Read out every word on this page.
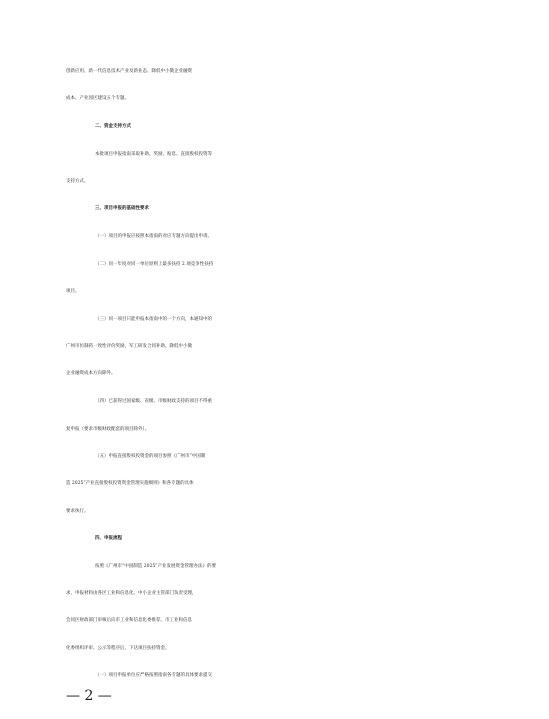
创新应用、新一代信息技术产业及新业态、降低中小微企业融资
成本、产业园区建设五个专题。
二、资金支持方式
本批项目申报指南采取补助、奖励、贴息、直接股权投资等
支持方式。
三、项目申报的基础性要求
（一）项目的申报应按照本指南的对应专题方向提出申请。
（二）同一年度对同一单位原则上最多扶持 2 项竞争性扶持
项目。
（三）同一项目只能申报本指南中的一个方向，本通知中的
广州市仿制药一致性评价奖励、军工研发合同补助、降低中小微
企业融资成本方向除外。
（四）已获得过国家级、省级、市级财政支持的项目不得重
复申报（要求市级财政配套的项目除外）。
（五）申报直接股权投资金的项目参照《广州市“中国制
造 2025”产业直接股权投资资金管理实施细则》和各专题的具体
要求执行。
四、申报流程
按照《广州市“中国制造 2025”产业发展资金管理办法》的要
求，申报材料由各区工业和信息化、中小企业主管部门负责受理，
会同区财政部门审核后向市工业和信息化委推荐。市工业和信息
化委组织评审、公示等程序后，下达项目扶持资金。
（一）项目申报单位应严格按照指南各专题的具体要求提交
— 2 —
